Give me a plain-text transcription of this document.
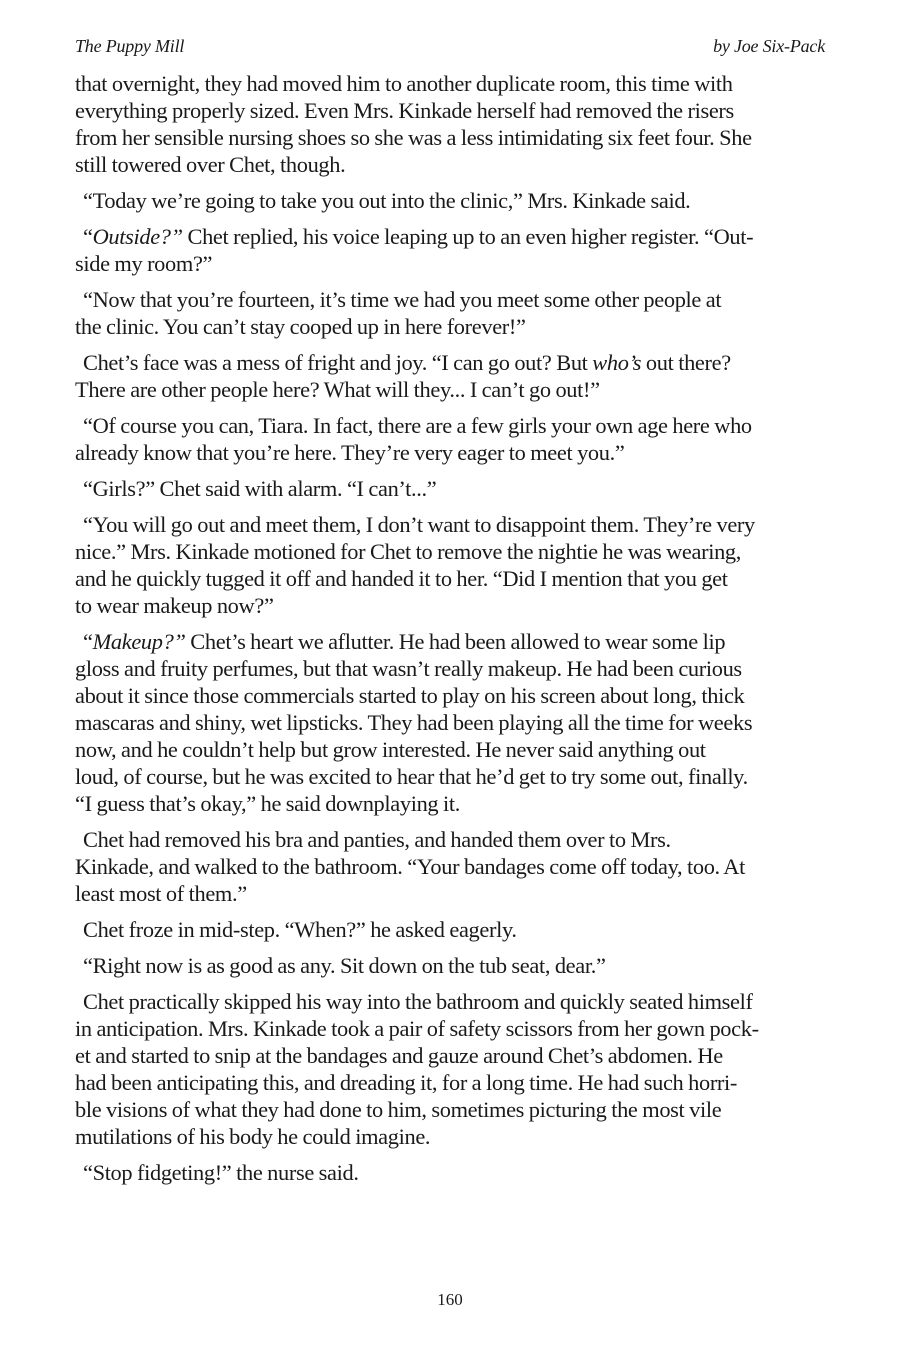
The Puppy Mill	by Joe Six-Pack

that overnight, they had moved him to another duplicate room, this time with
everything properly sized. Even Mrs. Kinkade herself had removed the risers
from her sensible nursing shoes so she was a less intimidating six feet four. She
still towered over Chet, though.

“Today we’re going to take you out into the clinic,” Mrs. Kinkade said.

“Outside?” Chet replied, his voice leaping up to an even higher register. “Out-
side my room?”

“Now that you’re fourteen, it’s time we had you meet some other people at
the clinic. You can’t stay cooped up in here forever!”

Chet’s face was a mess of fright and joy. “I can go out? But who’s out there?
There are other people here? What will they... I can’t go out!”

“Of course you can, Tiara. In fact, there are a few girls your own age here who
already know that you’re here. They’re very eager to meet you.”

“Girls?” Chet said with alarm. “I can’t...”

“You will go out and meet them, I don’t want to disappoint them. They’re very
nice.” Mrs. Kinkade motioned for Chet to remove the nightie he was wearing,
and he quickly tugged it off and handed it to her. “Did I mention that you get
to wear makeup now?”

“Makeup?” Chet’s heart we aflutter. He had been allowed to wear some lip
gloss and fruity perfumes, but that wasn’t really makeup. He had been curious
about it since those commercials started to play on his screen about long, thick
mascaras and shiny, wet lipsticks. They had been playing all the time for weeks
now, and he couldn’t help but grow interested. He never said anything out
loud, of course, but he was excited to hear that he’d get to try some out, finally.
“I guess that’s okay,” he said downplaying it.

Chet had removed his bra and panties, and handed them over to Mrs.
Kinkade, and walked to the bathroom. “Your bandages come off today, too. At
least most of them.”

Chet froze in mid-step. “When?” he asked eagerly.

“Right now is as good as any. Sit down on the tub seat, dear.”

Chet practically skipped his way into the bathroom and quickly seated himself
in anticipation. Mrs. Kinkade took a pair of safety scissors from her gown pock-
et and started to snip at the bandages and gauze around Chet’s abdomen. He
had been anticipating this, and dreading it, for a long time. He had such horri-
ble visions of what they had done to him, sometimes picturing the most vile
mutilations of his body he could imagine.

“Stop fidgeting!” the nurse said.

160
